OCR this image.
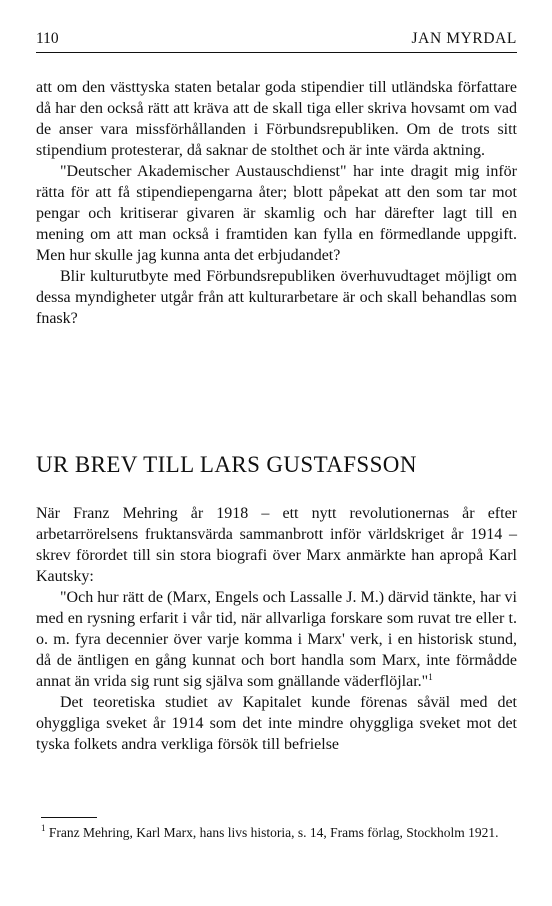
110	JAN MYRDAL

att om den västtyska staten betalar goda stipendier till utländska författare då har den också rätt att kräva att de skall tiga eller skriva hovsamt om vad de anser vara missförhållanden i Förbundsrepubliken. Om de trots sitt stipendium protesterar, då saknar de stolthet och är inte värda aktning.

"Deutscher Akademischer Austauschdienst" har inte dragit mig inför rätta för att få stipendiepengarna åter; blott påpekat att den som tar mot pengar och kritiserar givaren är skamlig och har därefter lagt till en mening om att man också i framtiden kan fylla en förmedlande uppgift. Men hur skulle jag kunna anta det erbjudandet?

Blir kulturutbyte med Förbundsrepubliken överhuvudtaget möjligt om dessa myndigheter utgår från att kulturarbetare är och skall behandlas som fnask?

UR BREV TILL LARS GUSTAFSSON

När Franz Mehring år 1918 – ett nytt revolutionernas år efter arbetarrörelsens fruktansvärda sammanbrott inför världskriget år 1914 – skrev förordet till sin stora biografi över Marx anmärkte han apropå Karl Kautsky:

"Och hur rätt de (Marx, Engels och Lassalle J. M.) därvid tänkte, har vi med en rysning erfarit i vår tid, när allvarliga forskare som ruvat tre eller t. o. m. fyra decennier över varje komma i Marx' verk, i en historisk stund, då de äntligen en gång kunnat och bort handla som Marx, inte förmådde annat än vrida sig runt sig själva som gnällande väderflöjlar."$^1$

Det teoretiska studiet av Kapitalet kunde förenas såväl med det ohyggliga sveket år 1914 som det inte mindre ohyggliga sveket mot det tyska folkets andra verkliga försök till befrielse

$^1$ Franz Mehring, Karl Marx, hans livs historia, s. 14, Frams förlag, Stockholm 1921.
